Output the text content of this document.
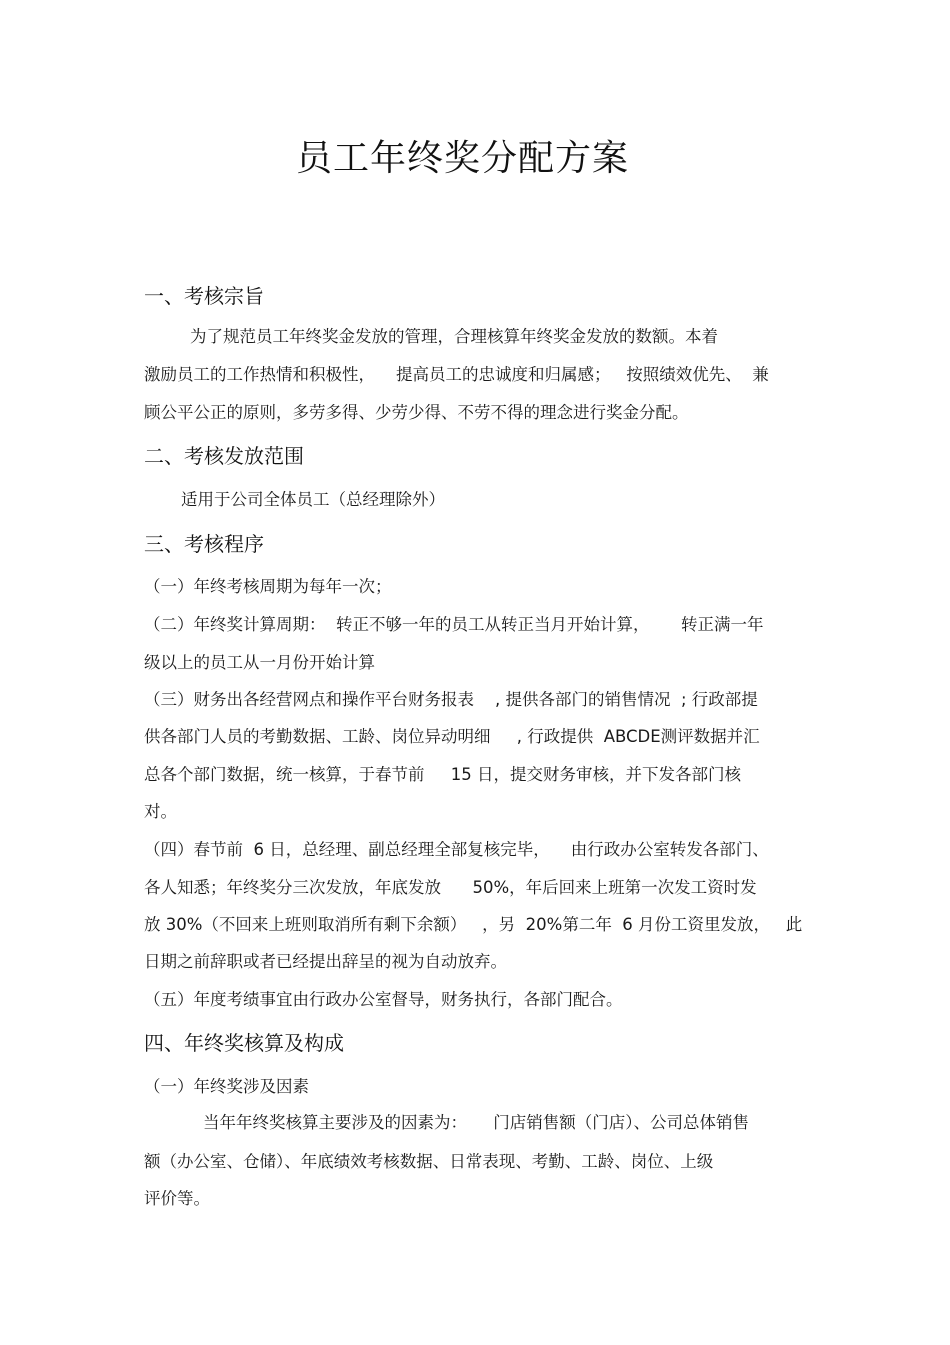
员工年终奖分配方案
一、考核宗旨
为了规范员工年终奖金发放的管理，合理核算年终奖金发放的数额。本着
激励员工的工作热情和积极性，    提高员工的忠诚度和归属感；   按照绩效优先、  兼
顾公平公正的原则，多劳多得、少劳少得、不劳不得的理念进行奖金分配。
二、考核发放范围
适用于公司全体员工（总经理除外）
三、考核程序
（一）年终考核周期为每年一次；
（二）年终奖计算周期：  转正不够一年的员工从转正当月开始计算，      转正满一年
级以上的员工从一月份开始计算
（三）财务出各经营网点和操作平台财务报表    , 提供各部门的销售情况  ; 行政部提
供各部门人员的考勤数据、工龄、岗位异动明细     , 行政提供  ABCDE测评数据并汇
总各个部门数据，统一核算，于春节前     15 日，提交财务审核，并下发各部门核
对。
（四）春节前  6 日，总经理、副总经理全部复核完毕，    由行政办公室转发各部门、
各人知悉；年终奖分三次发放，年底发放      50%，年后回来上班第一次发工资时发
放 30%（不回来上班则取消所有剩下余额）   ，另  20%第二年  6 月份工资里发放，   此
日期之前辞职或者已经提出辞呈的视为自动放弃。
（五）年度考绩事宜由行政办公室督导，财务执行，各部门配合。
四、年终奖核算及构成
（一）年终奖涉及因素
当年年终奖核算主要涉及的因素为：     门店销售额（门店）、公司总体销售
额（办公室、仓储）、年底绩效考核数据、日常表现、考勤、工龄、岗位、上级
评价等。
